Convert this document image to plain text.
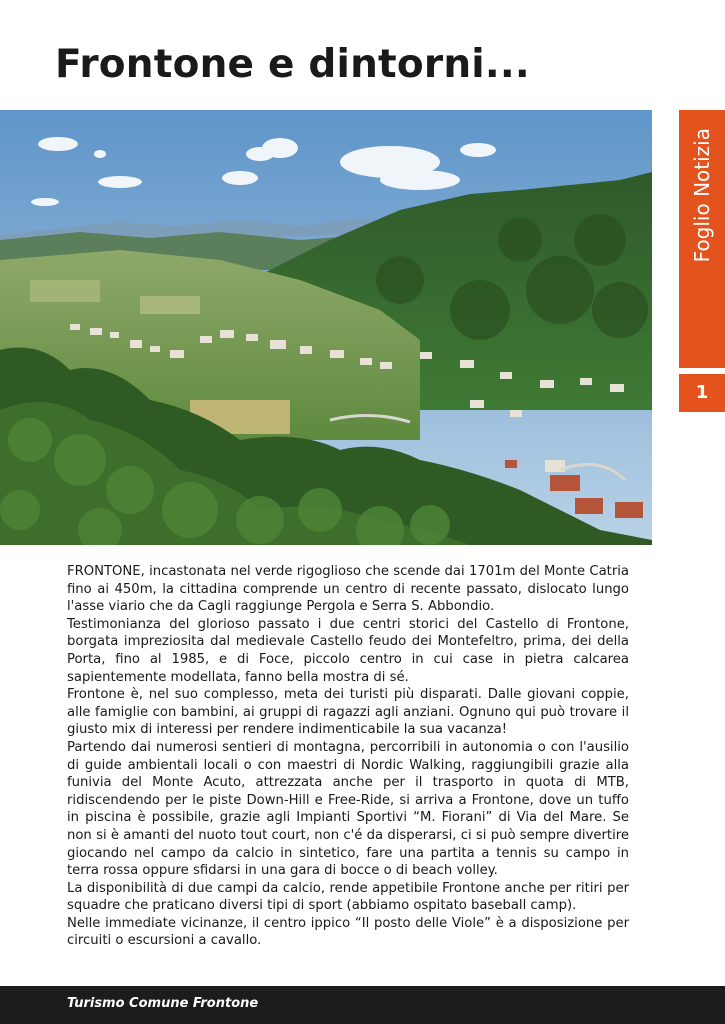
Frontone e dintorni...
Foglio Notizia
1

FRONTONE, incastonata nel verde rigoglioso che scende dai 1701m del Monte Catria fino ai 450m, la cittadina comprende un centro di recente passato, dislocato lungo l'asse viario che da Cagli raggiunge Pergola e Serra S. Abbondio.

Testimonianza del glorioso passato i due centri storici del Castello di Frontone, borgata impreziosita dal medievale Castello feudo dei Montefeltro, prima, dei della Porta, fino al 1985, e di Foce, piccolo centro in cui case in pietra calcarea sapientemente modellata, fanno bella mostra di sé.

Frontone è, nel suo complesso, meta dei turisti più disparati. Dalle giovani coppie, alle famiglie con bambini, ai gruppi di ragazzi agli anziani. Ognuno qui può trovare il giusto mix di interessi per rendere indimenticabile la sua vacanza!

Partendo dai numerosi sentieri di montagna, percorribili in autonomia o con l'ausilio di guide ambientali locali o con maestri di Nordic Walking, raggiungibili grazie alla funivia del Monte Acuto, attrezzata anche per il trasporto in quota di MTB, ridiscendendo per le piste Down-Hill e Free-Ride, si arriva a Frontone, dove un tuffo in piscina è possibile, grazie agli Impianti Sportivi “M. Fiorani” di Via del Mare. Se non si è amanti del nuoto tout court, non c'é da disperarsi, ci si può sempre divertire giocando nel campo da calcio in sintetico, fare una partita a tennis su campo in terra rossa oppure sfidarsi in una gara di bocce o di beach volley.

La disponibilità di due campi da calcio, rende appetibile Frontone anche per ritiri per squadre che praticano diversi tipi di sport (abbiamo ospitato baseball camp).

Nelle immediate vicinanze, il centro ippico “Il posto delle Viole” è a disposizione per circuiti o escursioni a cavallo.

Turismo Comune Frontone
